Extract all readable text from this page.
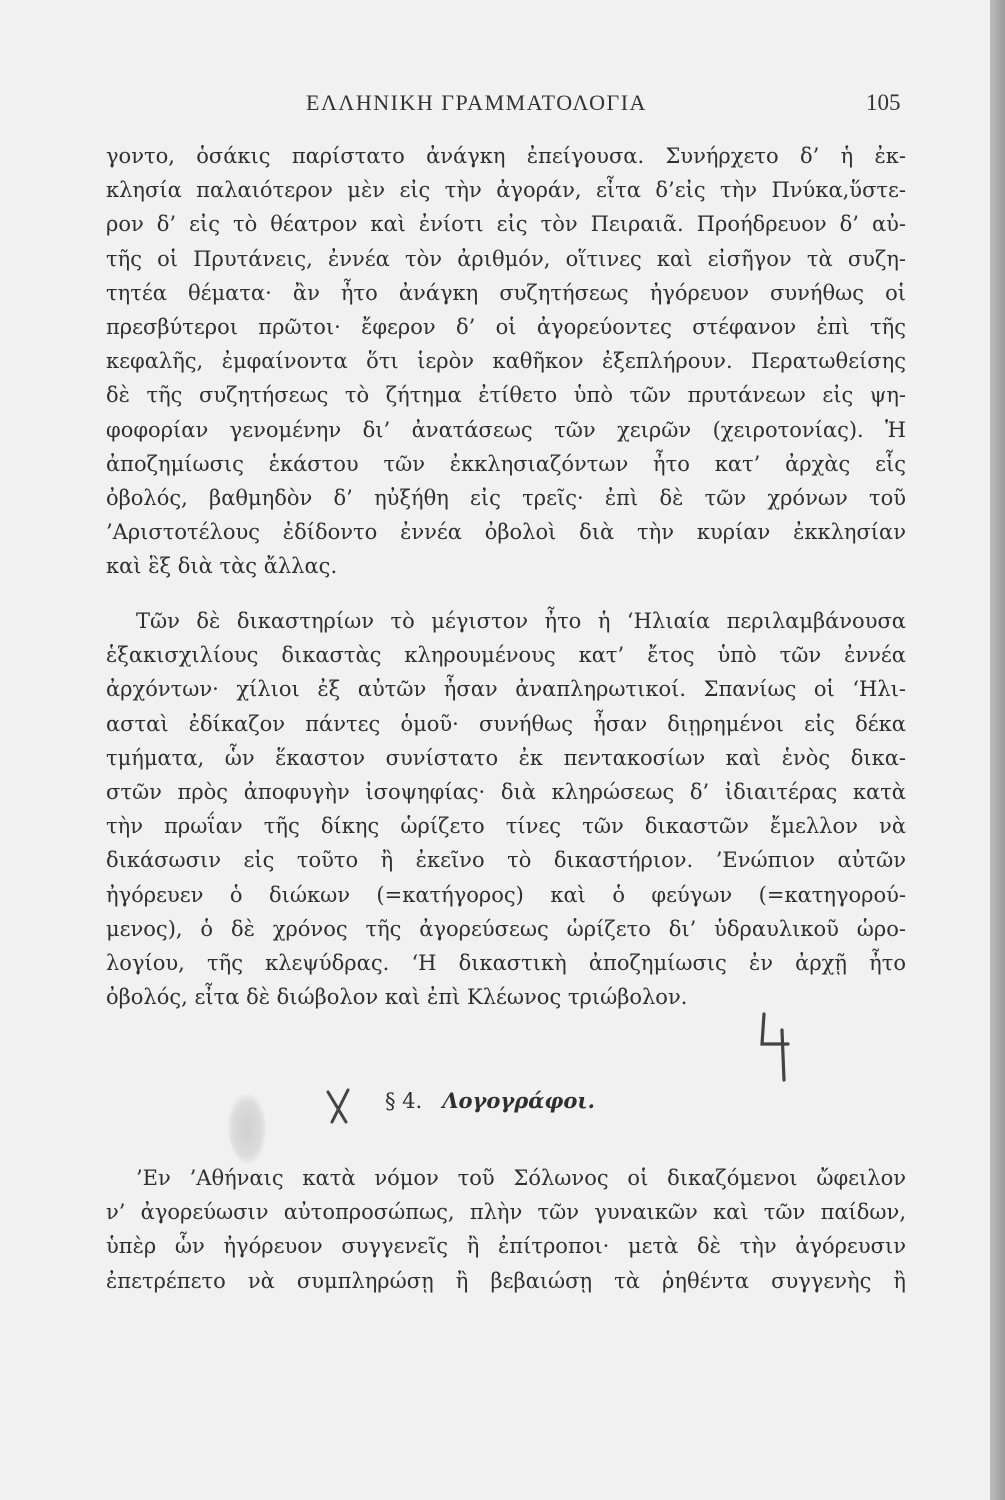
ΕΛΛΗΝΙΚΗ ΓΡΑΜΜΑΤΟΛΟΓΙΑ	105
γοντο, ὁσάκις παρίστατο ἀνάγκη ἐπείγουσα. Συνήρχετο δ’ ἡ ἐκ-
κλησία παλαιότερον μὲν εἰς τὴν ἀγοράν, εἶτα δ’εἰς τὴν Πνύκα,ὕστε-
ρον δ’ εἰς τὸ θέατρον καὶ ἐνίοτι εἰς τὸν Πειραιᾶ. Προήδρευον δ’ αὐ-
τῆς οἱ Πρυτάνεις, ἐννέα τὸν ἀριθμόν, οἵτινες καὶ εἰσῆγον τὰ συζη-
τητέα θέματα· ἂν ἦτο ἀνάγκη συζητήσεως ἠγόρευον συνήθως οἱ
πρεσβύτεροι πρῶτοι· ἔφερον δ’ οἱ ἀγορεύοντες στέφανον ἐπὶ τῆς
κεφαλῆς, ἐμφαίνοντα ὅτι ἱερὸν καθῆκον ἐξεπλήρουν. Περατωθείσης
δὲ τῆς συζητήσεως τὸ ζήτημα ἐτίθετο ὑπὸ τῶν πρυτάνεων εἰς ψη-
φοφορίαν γενομένην δι’ ἀνατάσεως τῶν χειρῶν (χειροτονίας). Ἡ
ἀποζημίωσις ἑκάστου τῶν ἐκκλησιαζόντων ἦτο κατ’ ἀρχὰς εἷς
ὀβολός, βαθμηδὸν δ’ ηὐξήθη εἰς τρεῖς· ἐπὶ δὲ τῶν χρόνων τοῦ
’Αριστοτέλους ἐδίδοντο ἐννέα ὀβολοὶ διὰ τὴν κυρίαν ἐκκλησίαν
καὶ ἓξ διὰ τὰς ἄλλας.
Τῶν δὲ δικαστηρίων τὸ μέγιστον ἦτο ἡ ‘Ηλιαία περιλαμβάνουσα
ἑξακισχιλίους δικαστὰς κληρουμένους κατ’ ἔτος ὑπὸ τῶν ἐννέα
ἀρχόντων· χίλιοι ἐξ αὐτῶν ἦσαν ἀναπληρωτικοί. Σπανίως οἱ ‘Ηλι-
ασταὶ ἐδίκαζον πάντες ὁμοῦ· συνήθως ἦσαν διῃρημένοι εἰς δέκα
τμήματα, ὧν ἕκαστον συνίστατο ἐκ πεντακοσίων καὶ ἑνὸς δικα-
στῶν πρὸς ἀποφυγὴν ἰσοψηφίας· διὰ κληρώσεως δ’ ἰδιαιτέρας κατὰ
τὴν πρωΐαν τῆς δίκης ὡρίζετο τίνες τῶν δικαστῶν ἔμελλον νὰ
δικάσωσιν εἰς τοῦτο ἢ ἐκεῖνο τὸ δικαστήριον. ’Ενώπιον αὐτῶν
ἠγόρευεν ὁ διώκων (=κατήγορος) καὶ ὁ φεύγων (=κατηγορού-
μενος), ὁ δὲ χρόνος τῆς ἀγορεύσεως ὡρίζετο δι’ ὑδραυλικοῦ ὡρο-
λογίου, τῆς κλεψύδρας. ‘Η δικαστικὴ ἀποζημίωσις ἐν ἀρχῇ ἦτο
ὀβολός, εἶτα δὲ διώβολον καὶ ἐπὶ Κλέωνος τριώβολον.
§ 4. Λογογράφοι.
’Εν ’Αθήναις κατὰ νόμον τοῦ Σόλωνος οἱ δικαζόμενοι ὤφειλον
ν’ ἀγορεύωσιν αὐτοπροσώπως, πλὴν τῶν γυναικῶν καὶ τῶν παίδων,
ὑπὲρ ὧν ἠγόρευον συγγενεῖς ἢ ἐπίτροποι· μετὰ δὲ τὴν ἀγόρευσιν
ἐπετρέπετο νὰ συμπληρώσῃ ἢ βεβαιώσῃ τὰ ῥηθέντα συγγενὴς ἢ
